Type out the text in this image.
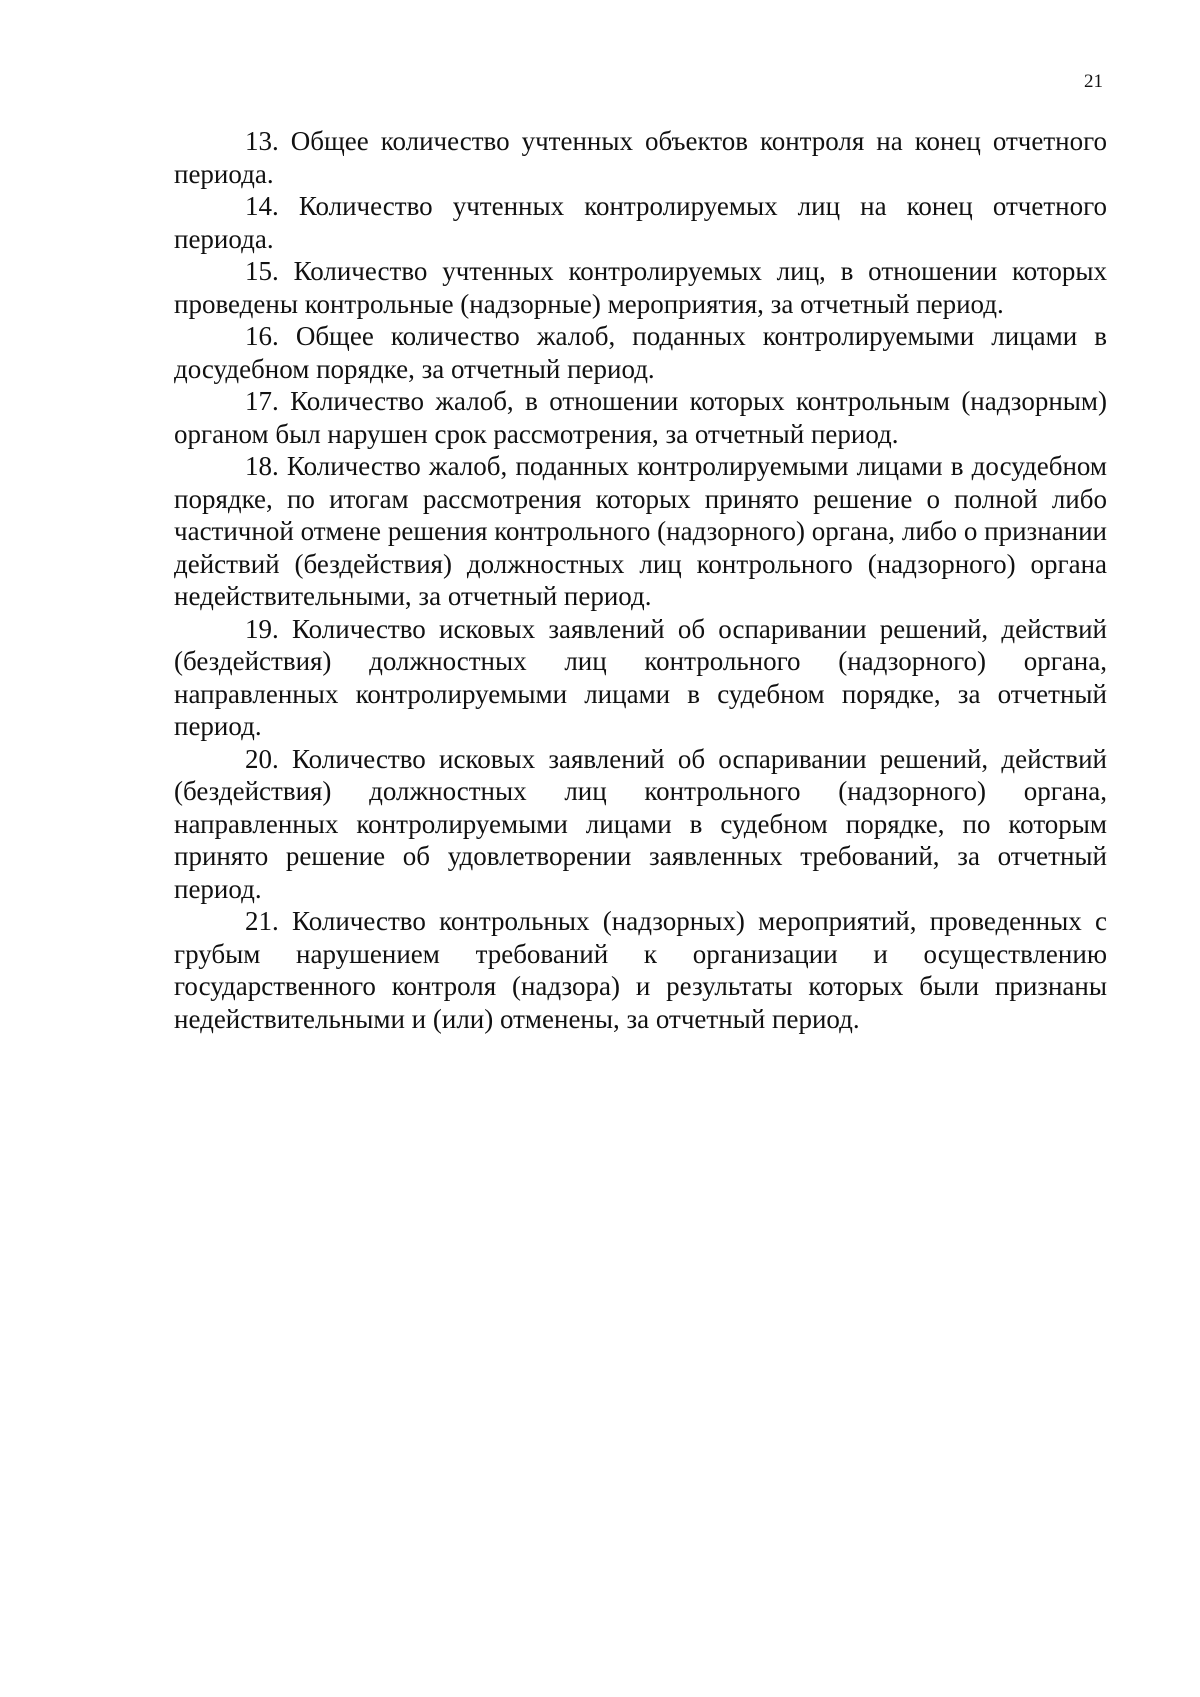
21

13. Общее количество учтенных объектов контроля на конец отчетного периода.

14. Количество учтенных контролируемых лиц на конец отчетного периода.

15. Количество учтенных контролируемых лиц, в отношении которых проведены контрольные (надзорные) мероприятия, за отчетный период.

16. Общее количество жалоб, поданных контролируемыми лицами в досудебном порядке, за отчетный период.

17. Количество жалоб, в отношении которых контрольным (надзорным) органом был нарушен срок рассмотрения, за отчетный период.

18. Количество жалоб, поданных контролируемыми лицами в досудебном порядке, по итогам рассмотрения которых принято решение о полной либо частичной отмене решения контрольного (надзорного) органа, либо о признании действий (бездействия) должностных лиц контрольного (надзорного) органа недействительными, за отчетный период.

19. Количество исковых заявлений об оспаривании решений, действий (бездействия) должностных лиц контрольного (надзорного) органа, направленных контролируемыми лицами в судебном порядке, за отчетный период.

20. Количество исковых заявлений об оспаривании решений, действий (бездействия) должностных лиц контрольного (надзорного) органа, направленных контролируемыми лицами в судебном порядке, по которым принято решение об удовлетворении заявленных требований, за отчетный период.

21. Количество контрольных (надзорных) мероприятий, проведенных с грубым нарушением требований к организации и осуществлению государственного контроля (надзора) и результаты которых были признаны недействительными и (или) отменены, за отчетный период.
